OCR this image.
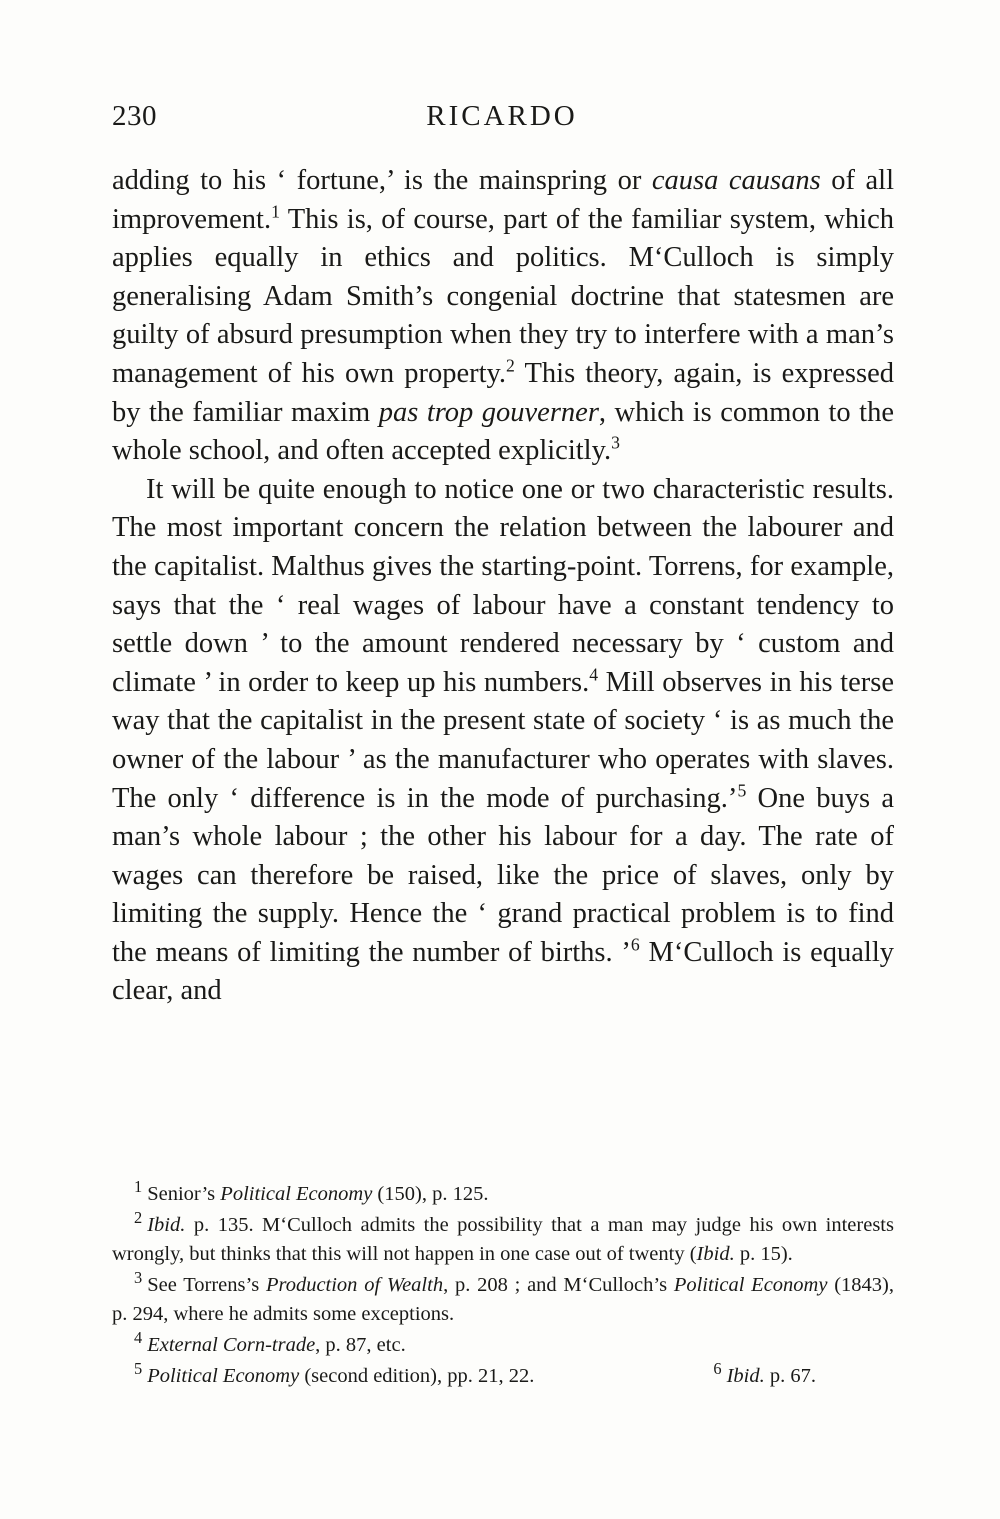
230	RICARDO

adding to his ‘ fortune,’ is the mainspring or causa causans of all improvement.$^1$ This is, of course, part of the familiar system, which applies equally in ethics and politics. M‘Culloch is simply generalising Adam Smith’s congenial doctrine that statesmen are guilty of absurd presumption when they try to interfere with a man’s management of his own property.$^2$ This theory, again, is expressed by the familiar maxim pas trop gouverner, which is common to the whole school, and often accepted explicitly.$^3$

It will be quite enough to notice one or two characteristic results. The most important concern the relation between the labourer and the capitalist. Malthus gives the starting-point. Torrens, for example, says that the ‘ real wages of labour have a constant tendency to settle down ’ to the amount rendered necessary by ‘ custom and climate ’ in order to keep up his numbers.$^4$ Mill observes in his terse way that the capitalist in the present state of society ‘ is as much the owner of the labour ’ as the manufacturer who operates with slaves. The only ‘ difference is in the mode of purchasing.’$^5$ One buys a man’s whole labour ; the other his labour for a day. The rate of wages can therefore be raised, like the price of slaves, only by limiting the supply. Hence the ‘ grand practical problem is to find the means of limiting the number of births. ’$^6$ M‘Culloch is equally clear, and

$^1$ Senior’s Political Economy (150), p. 125.

$^2$ Ibid. p. 135. M‘Culloch admits the possibility that a man may judge his own interests wrongly, but thinks that this will not happen in one case out of twenty (Ibid. p. 15).

$^3$ See Torrens’s Production of Wealth, p. 208 ; and M‘Culloch’s Political Economy (1843), p. 294, where he admits some exceptions.

$^4$ External Corn-trade, p. 87, etc.

$^5$ Political Economy (second edition), pp. 21, 22.	$^6$ Ibid. p. 67.
